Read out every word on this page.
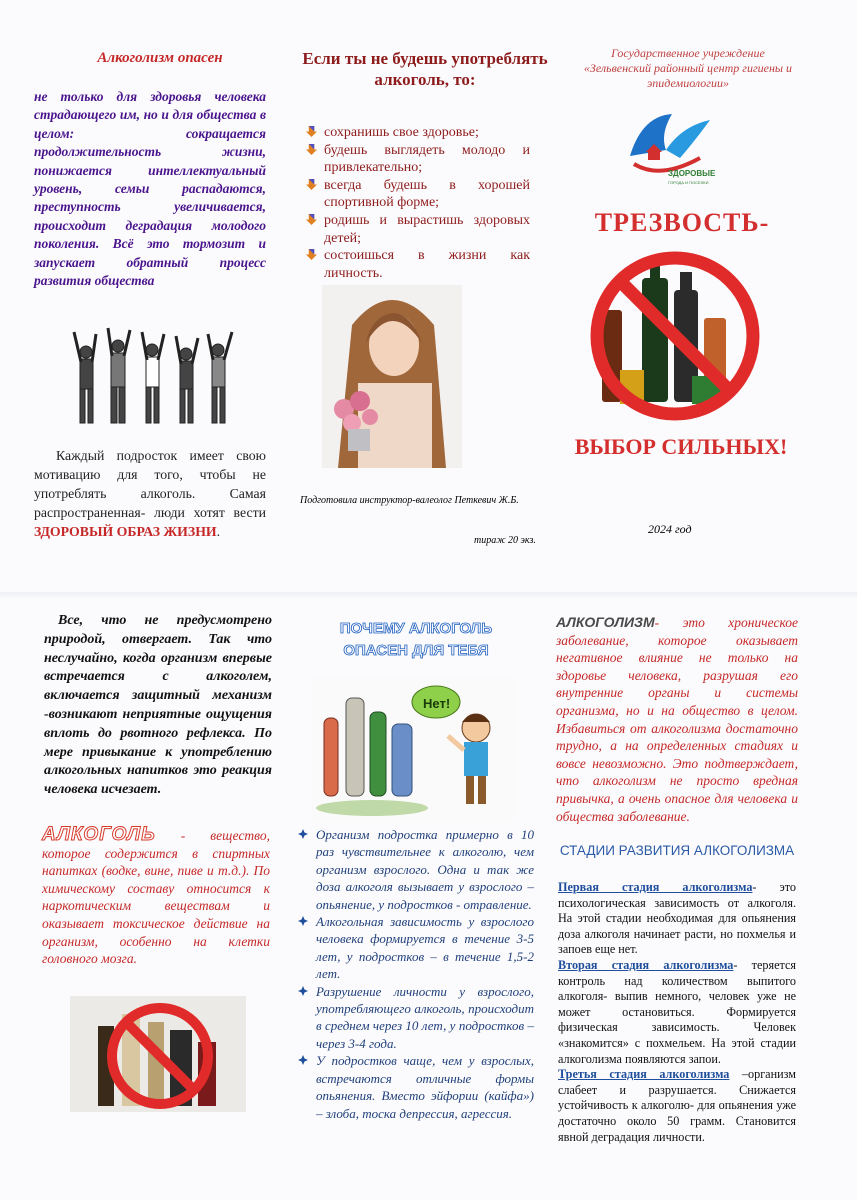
Алкоголизм опасен
не только для здоровья человека страдающего им, но и для общества в целом: сокращается продолжительность жизни, понижается интеллектуальный уровень, семьи распадаются, преступность увеличивается, происходит деградация молодого поколения. Всё это тормозит и запускает обратный процесс развития общества
Каждый подросток имеет свою мотивацию для того, чтобы не употреблять алкоголь. Самая распространенная- люди хотят вести ЗДОРОВЫЙ ОБРАЗ ЖИЗНИ.
Если ты не будешь употреблять алкоголь, то:
сохранишь свое здоровье;
будешь выглядеть молодо и привлекательно;
всегда будешь в хорошей спортивной форме;
родишь и вырастишь здоровых детей;
состоишься в жизни как личность.
Подготовила инструктор-валеолог Петкевич Ж.Б.
тираж 20 экз.
Государственное учреждение «Зельвенский районный центр гигиены и эпидемиологии»
ЗДОРОВЫЕ
ГОРОДА И ПОСЕЛКИ
ТРЕЗВОСТЬ-
ВЫБОР СИЛЬНЫХ!
2024 год
Все, что не предусмотрено природой, отвергает. Так что неслучайно, когда организм впервые встречается с алкоголем, включается защитный механизм -возникают неприятные ощущения вплоть до рвотного рефлекса. По мере привыкание к употреблению алкогольных напитков это реакция человека исчезает.
АЛКОГОЛЬ - вещество, которое содержится в спиртных напитках (водке, вине, пиве и т.д.). По химическому составу относится к наркотическим веществам и оказывает токсическое действие на организм, особенно на клетки головного мозга.
ПОЧЕМУ АЛКОГОЛЬ ОПАСЕН ДЛЯ ТЕБЯ
Нет!
Организм подростка примерно в 10 раз чувствительнее к алкоголю, чем организм взрослого. Одна и так же доза алкоголя вызывает у взрослого – опьянение, у подростков - отравление.
Алкогольная зависимость у взрослого человека формируется в течение 3-5 лет, у подростков – в течение 1,5-2 лет.
Разрушение личности у взрослого, употребляющего алкоголь, происходит в среднем через 10 лет, у подростков – через 3-4 года.
У подростков чаще, чем у взрослых, встречаются отличные формы опьянения. Вместо эйфории (кайфа») – злоба, тоска депрессия, агрессия.
АЛКОГОЛИЗМ- это хроническое заболевание, которое оказывает негативное влияние не только на здоровье человека, разрушая его внутренние органы и системы организма, но и на общество в целом. Избавиться от алкоголизма достаточно трудно, а на определенных стадиях и вовсе невозможно. Это подтверждает, что алкоголизм не просто вредная привычка, а очень опасное для человека и общества заболевание.
СТАДИИ РАЗВИТИЯ АЛКОГОЛИЗМА
Первая стадия алкоголизма- это психологическая зависимость от алкоголя. На этой стадии необходимая для опьянения доза алкоголя начинает расти, но похмелья и запоев еще нет.
Вторая стадия алкоголизма- теряется контроль над количеством выпитого алкоголя- выпив немного, человек уже не может остановиться. Формируется физическая зависимость. Человек «знакомится» с похмельем. На этой стадии алкоголизма появляются запои.
Третья стадия алкоголизма –организм слабеет и разрушается. Снижается устойчивость к алкоголю- для опьянения уже достаточно около 50 грамм. Становится явной деградация личности.
